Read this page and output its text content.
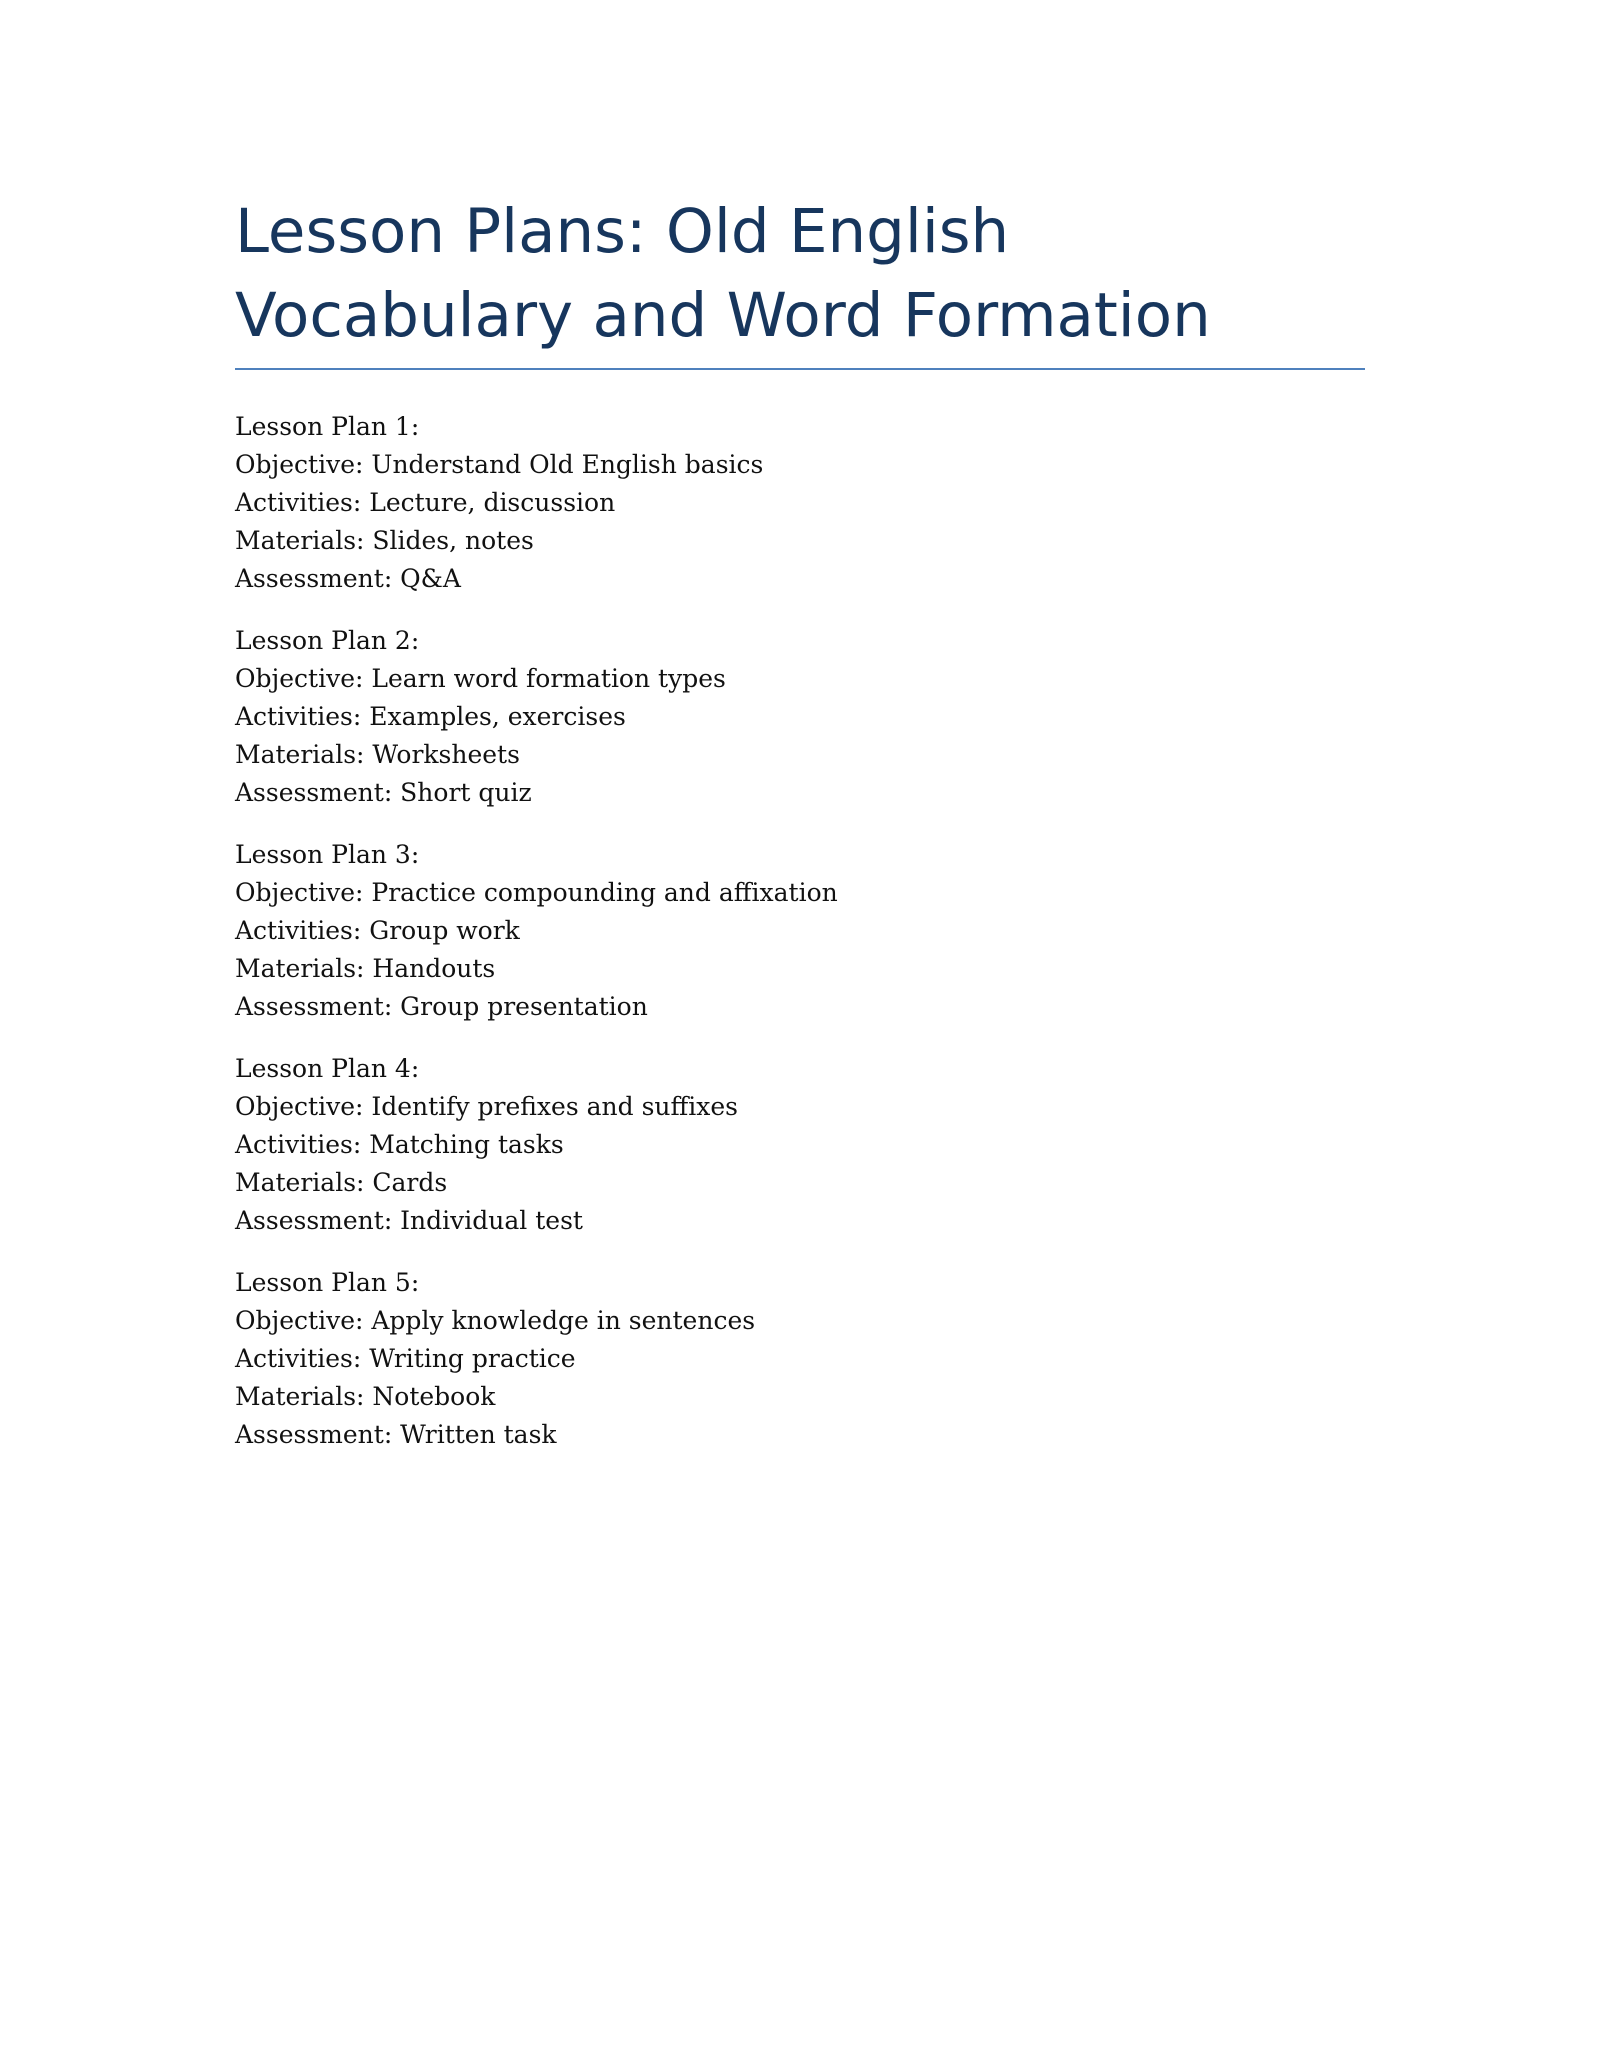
Lesson Plans: Old English Vocabulary and Word Formation
Lesson Plan 1:
Objective: Understand Old English basics
Activities: Lecture, discussion
Materials: Slides, notes
Assessment: Q&A
Lesson Plan 2:
Objective: Learn word formation types
Activities: Examples, exercises
Materials: Worksheets
Assessment: Short quiz
Lesson Plan 3:
Objective: Practice compounding and affixation
Activities: Group work
Materials: Handouts
Assessment: Group presentation
Lesson Plan 4:
Objective: Identify prefixes and suffixes
Activities: Matching tasks
Materials: Cards
Assessment: Individual test
Lesson Plan 5:
Objective: Apply knowledge in sentences
Activities: Writing practice
Materials: Notebook
Assessment: Written task
